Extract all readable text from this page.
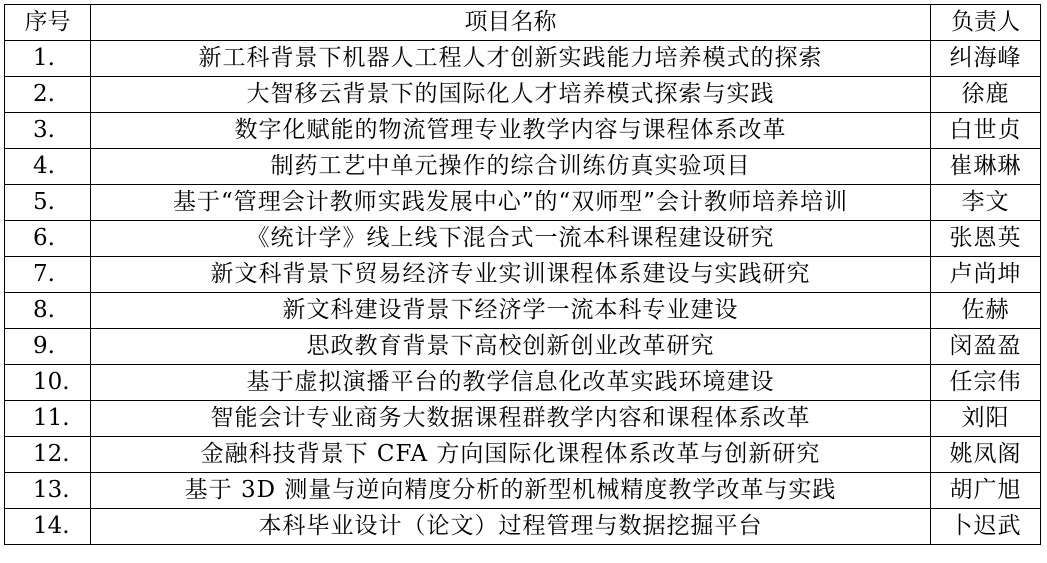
序号	项目名称	负责人
1.	新工科背景下机器人工程人才创新实践能力培养模式的探索	纠海峰
2.	大智移云背景下的国际化人才培养模式探索与实践	徐鹿
3.	数字化赋能的物流管理专业教学内容与课程体系改革	白世贞
4.	制药工艺中单元操作的综合训练仿真实验项目	崔琳琳
5.	基于“管理会计教师实践发展中心”的“双师型”会计教师培养培训	李文
6.	《统计学》线上线下混合式一流本科课程建设研究	张恩英
7.	新文科背景下贸易经济专业实训课程体系建设与实践研究	卢尚坤
8.	新文科建设背景下经济学一流本科专业建设	佐赫
9.	思政教育背景下高校创新创业改革研究	闵盈盈
10.	基于虚拟演播平台的教学信息化改革实践环境建设	任宗伟
11.	智能会计专业商务大数据课程群教学内容和课程体系改革	刘阳
12.	金融科技背景下 CFA 方向国际化课程体系改革与创新研究	姚凤阁
13.	基于 3D 测量与逆向精度分析的新型机械精度教学改革与实践	胡广旭
14.	本科毕业设计（论文）过程管理与数据挖掘平台	卜迟武
